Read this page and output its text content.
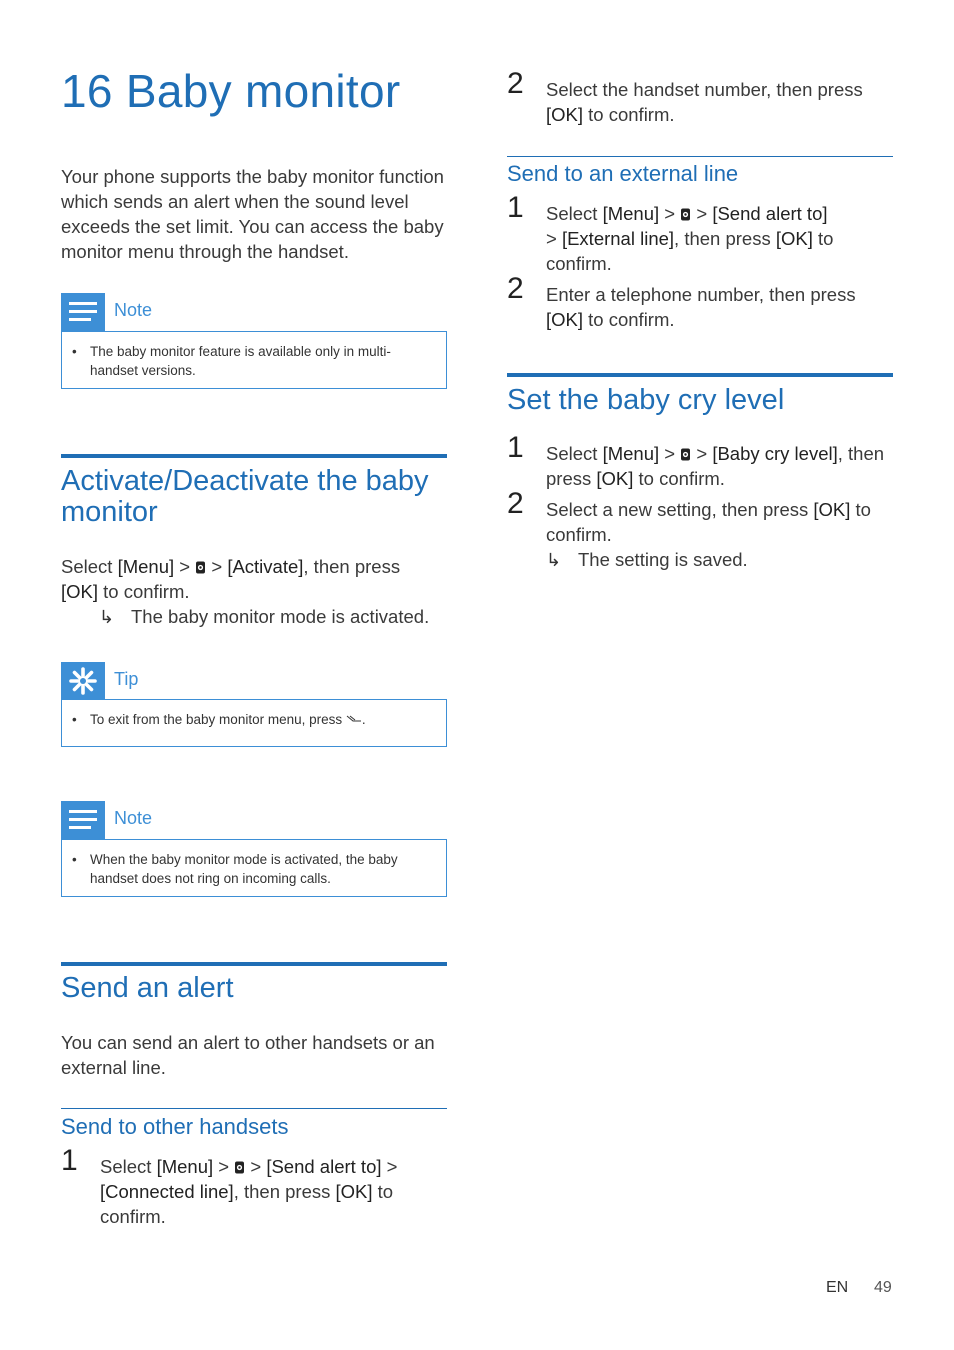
16 Baby monitor

Your phone supports the baby monitor function which sends an alert when the sound level exceeds the set limit. You can access the baby monitor menu through the handset.

Note
• The baby monitor feature is available only in multi-handset versions.
Activate/Deactivate the baby monitor
Select [Menu] > > [Activate], then press
[OK] to confirm.
↳ The baby monitor mode is activated.
Tip
• To exit from the baby monitor menu, press .
Note
• When the baby monitor mode is activated, the baby handset does not ring on incoming calls.
Send an alert

You can send an alert to other handsets or an external line.

Send to other handsets
1 Select [Menu] > > [Send alert to] >
[Connected line], then press [OK] to confirm.
2 Select the handset number, then press
[OK] to confirm.
Send to an external line
1 Select [Menu] > > [Send alert to]
> [External line], then press [OK] to
confirm.
2 Enter a telephone number, then press
[OK] to confirm.
Set the baby cry level
1 Select [Menu] > > [Baby cry level], then
press [OK] to confirm.
2 Select a new setting, then press [OK] to
confirm.
↳ The setting is saved.
EN 49
